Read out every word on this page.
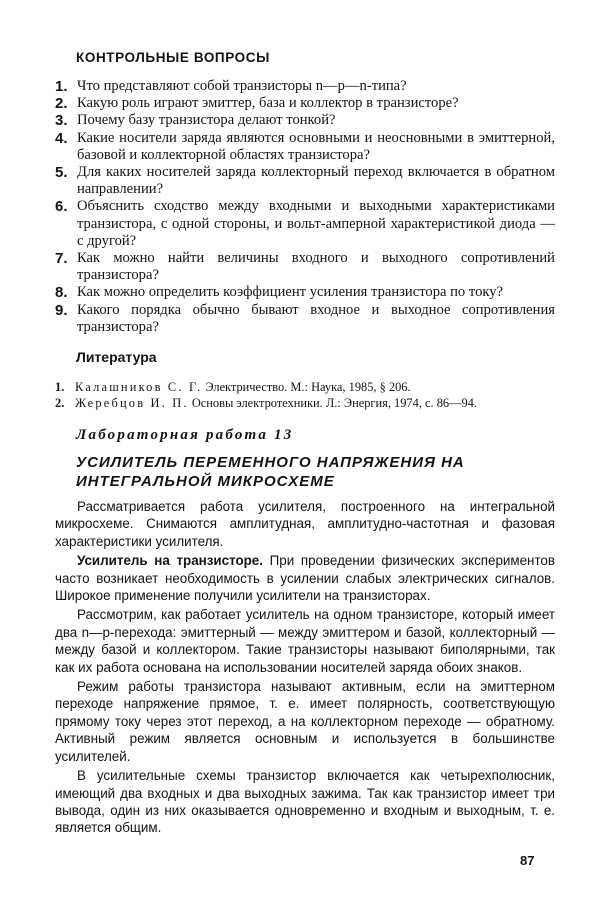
КОНТРОЛЬНЫЕ ВОПРОСЫ
1. Что представляют собой транзисторы n—p—n-типа?
2. Какую роль играют эмиттер, база и коллектор в транзисторе?
3. Почему базу транзистора делают тонкой?
4. Какие носители заряда являются основными и неосновными в эмиттерной, базовой и коллекторной областях транзистора?
5. Для каких носителей заряда коллекторный переход включается в обратном направлении?
6. Объяснить сходство между входными и выходными характеристиками транзистора, с одной стороны, и вольт-амперной характеристикой диода — с другой?
7. Как можно найти величины входного и выходного сопротивлений транзистора?
8. Как можно определить коэффициент усиления транзистора по току?
9. Какого порядка обычно бывают входное и выходное сопротивления транзистора?
Литература
1. Калашников С. Г. Электричество. М.: Наука, 1985, § 206.
2. Жеребцов И. П. Основы электротехники. Л.: Энергия, 1974, с. 86—94.
Лабораторная работа 13
УСИЛИТЕЛЬ ПЕРЕМЕННОГО НАПРЯЖЕНИЯ НА ИНТЕГРАЛЬНОЙ МИКРОСХЕМЕ

Рассматривается работа усилителя, построенного на интегральной микросхеме. Снимаются амплитудная, амплитудно-частотная и фазовая характеристики усилителя.

Усилитель на транзисторе. При проведении физических экспериментов часто возникает необходимость в усилении слабых электрических сигналов. Широкое применение получили усилители на транзисторах.

Рассмотрим, как работает усилитель на одном транзисторе, который имеет два n—p-перехода: эмиттерный — между эмиттером и базой, коллекторный — между базой и коллектором. Такие транзисторы называют биполярными, так как их работа основана на использовании носителей заряда обоих знаков.

Режим работы транзистора называют активным, если на эмиттерном переходе напряжение прямое, т. е. имеет полярность, соответствующую прямому току через этот переход, а на коллекторном переходе — обратному. Активный режим является основным и используется в большинстве усилителей.

В усилительные схемы транзистор включается как четырехполюсник, имеющий два входных и два выходных зажима. Так как транзистор имеет три вывода, один из них оказывается одновременно и входным и выходным, т. е. является общим.

87
